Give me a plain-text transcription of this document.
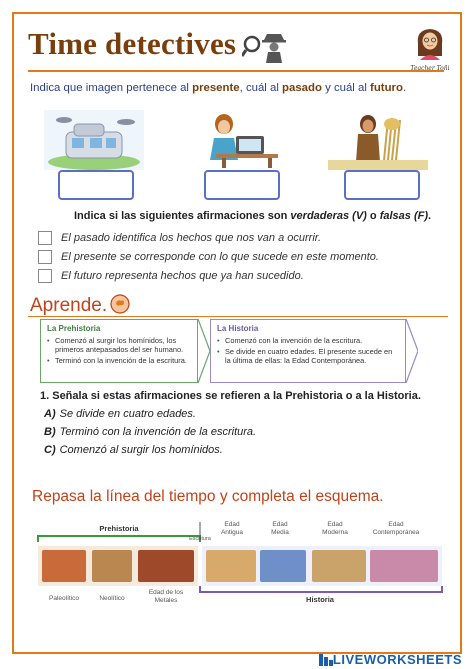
Time detectives
Teacher Toñi
Indica que imagen pertenece al presente, cuál al pasado y cuál al futuro.
Indica si las siguientes afirmaciones son verdaderas (V) o falsas (F).
El pasado identifica los hechos que nos van a ocurrir.
El presente se corresponde con lo que sucede en este momento.
El futuro representa hechos que ya han sucedido.
Aprende.
La Prehistoria
• Comenzó al surgir los homínidos, los primeros antepasados del ser humano.
• Terminó con la invención de la escritura.
La Historia
• Comenzó con la invención de la escritura.
• Se divide en cuatro edades. El presente sucede en la última de ellas: la Edad Contemporánea.
1. Señala si estas afirmaciones se refieren a la Prehistoria o a la Historia.
A) Se divide en cuatro edades.
B) Terminó con la invención de la escritura.
C) Comenzó al surgir los homínidos.
Repasa la línea del tiempo y completa el esquema.
Prehistoria
Escritura
Edad Antigua
Edad Media
Edad Moderna
Edad Contemporánea
Historia
Paleolítico	Neolítico
Edad de los Metales
LIVEWORKSHEETS
